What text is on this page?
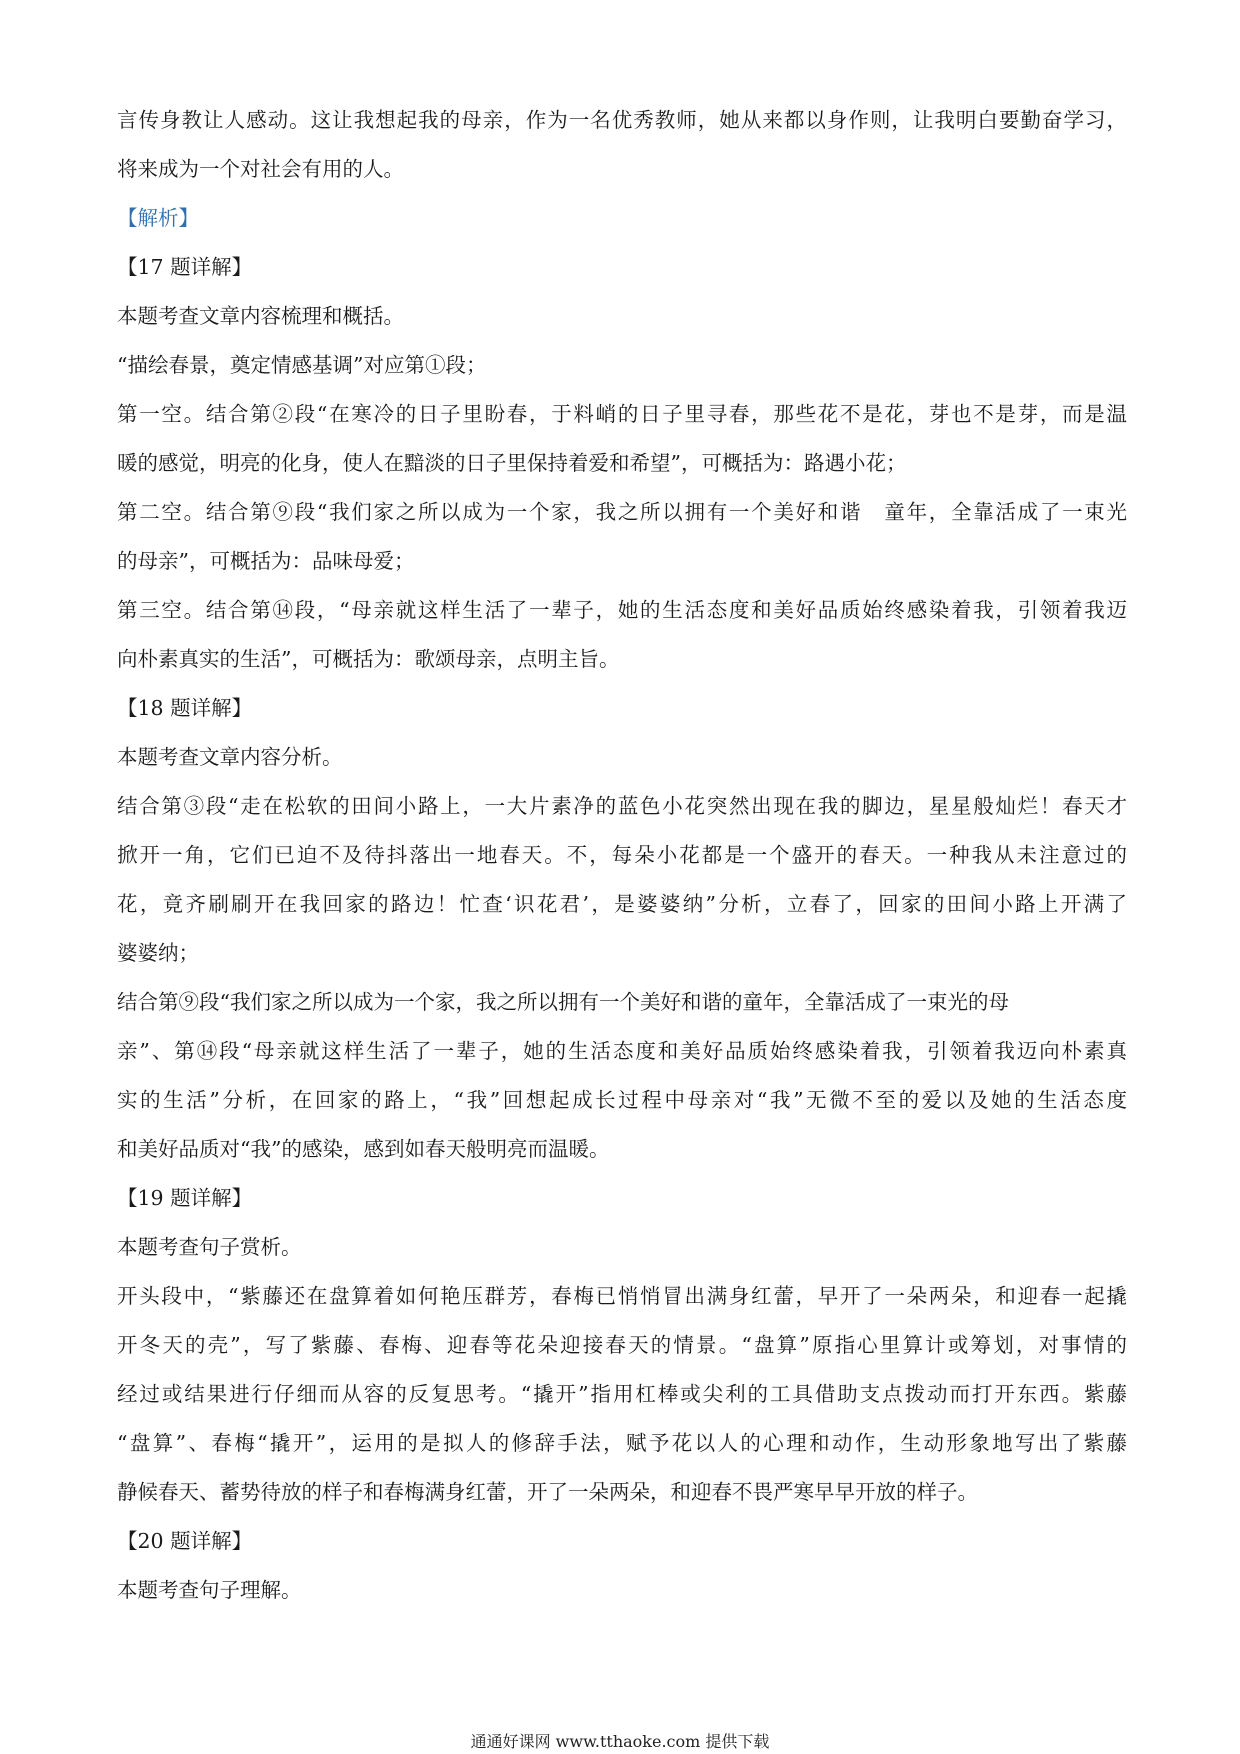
言传身教让人感动。这让我想起我的母亲，作为一名优秀教师，她从来都以身作则，让我明白要勤奋学习，
将来成为一个对社会有用的人。
【解析】
【17 题详解】
本题考查文章内容梳理和概括。
“描绘春景，奠定情感基调”对应第①段；
第一空。结合第②段“在寒冷的日子里盼春，于料峭的日子里寻春，那些花不是花，芽也不是芽，而是温
暖的感觉，明亮的化身，使人在黯淡的日子里保持着爱和希望”，可概括为：路遇小花；
第二空。结合第⑨段“我们家之所以成为一个家，我之所以拥有一个美好和谐　童年，全靠活成了一束光
的母亲”，可概括为：品味母爱；
第三空。结合第⑭段，“母亲就这样生活了一辈子，她的生活态度和美好品质始终感染着我，引领着我迈
向朴素真实的生活”，可概括为：歌颂母亲，点明主旨。
【18 题详解】
本题考查文章内容分析。
结合第③段“走在松软的田间小路上，一大片素净的蓝色小花突然出现在我的脚边，星星般灿烂！春天才
掀开一角，它们已迫不及待抖落出一地春天。不，每朵小花都是一个盛开的春天。一种我从未注意过的
花，竟齐刷刷开在我回家的路边！忙查‘识花君’，是婆婆纳”分析，立春了，回家的田间小路上开满了
婆婆纳；
结合第⑨段“我们家之所以成为一个家，我之所以拥有一个美好和谐的童年，全靠活成了一束光的母
亲”、第⑭段“母亲就这样生活了一辈子，她的生活态度和美好品质始终感染着我，引领着我迈向朴素真
实的生活”分析，在回家的路上，“我”回想起成长过程中母亲对“我”无微不至的爱以及她的生活态度
和美好品质对“我”的感染，感到如春天般明亮而温暖。
【19 题详解】
本题考查句子赏析。
开头段中，“紫藤还在盘算着如何艳压群芳，春梅已悄悄冒出满身红蕾，早开了一朵两朵，和迎春一起撬
开冬天的壳”，写了紫藤、春梅、迎春等花朵迎接春天的情景。“盘算”原指心里算计或筹划，对事情的
经过或结果进行仔细而从容的反复思考。“撬开”指用杠棒或尖利的工具借助支点拨动而打开东西。紫藤
“盘算”、春梅“撬开”，运用的是拟人的修辞手法，赋予花以人的心理和动作，生动形象地写出了紫藤
静候春天、蓄势待放的样子和春梅满身红蕾，开了一朵两朵，和迎春不畏严寒早早开放的样子。
【20 题详解】
本题考查句子理解。
通通好课网 www.tthaoke.com 提供下载
